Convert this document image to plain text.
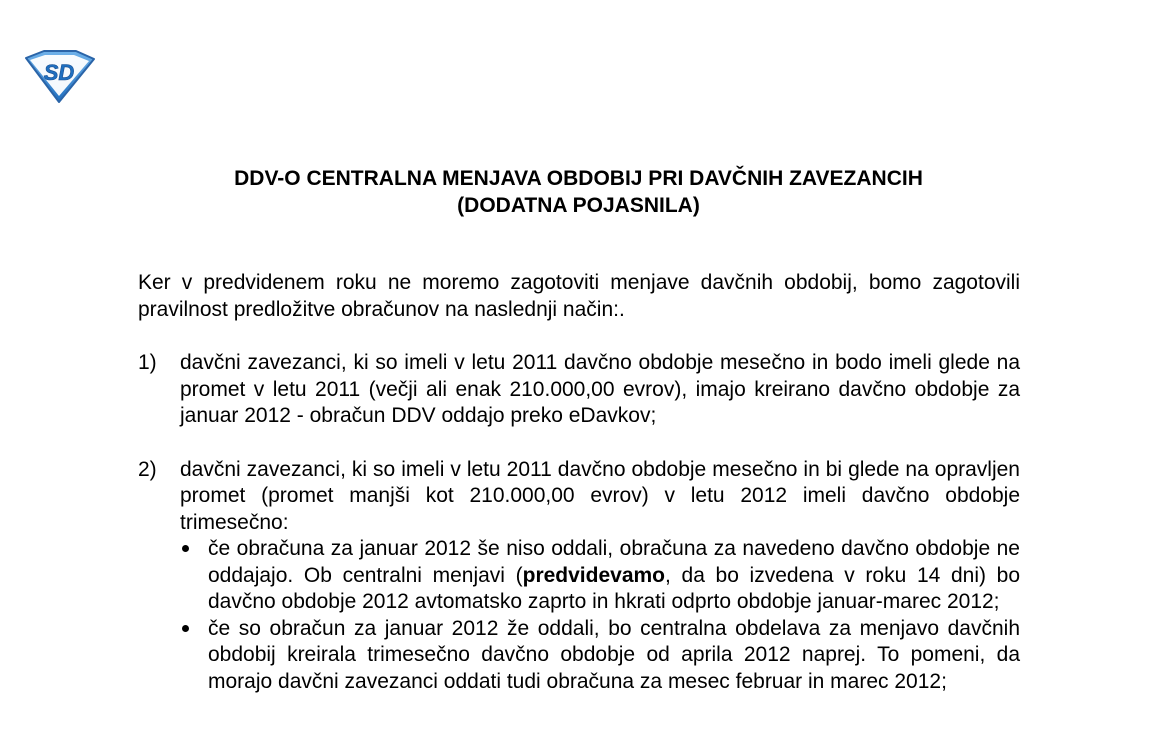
SD
DDV-O CENTRALNA MENJAVA OBDOBIJ PRI DAVČNIH ZAVEZANCIH
(DODATNA POJASNILA)

Ker v predvidenem roku ne moremo zagotoviti menjave davčnih obdobij, bomo zagotovili pravilnost predložitve obračunov na naslednji način:.

1) davčni zavezanci, ki so imeli v letu 2011 davčno obdobje mesečno in bodo imeli glede na promet v letu 2011 (večji ali enak 210.000,00 evrov), imajo kreirano davčno obdobje za januar 2012 - obračun DDV oddajo preko eDavkov;
2) davčni zavezanci, ki so imeli v letu 2011 davčno obdobje mesečno in bi glede na opravljen promet (promet manjši kot 210.000,00 evrov) v letu 2012 imeli davčno obdobje trimesečno:
če obračuna za januar 2012 še niso oddali, obračuna za navedeno davčno obdobje ne oddajajo. Ob centralni menjavi (predvidevamo, da bo izvedena v roku 14 dni) bo davčno obdobje 2012 avtomatsko zaprto in hkrati odprto obdobje januar-marec 2012;
če so obračun za januar 2012 že oddali, bo centralna obdelava za menjavo davčnih obdobij kreirala trimesečno davčno obdobje od aprila 2012 naprej. To pomeni, da morajo davčni zavezanci oddati tudi obračuna za mesec februar in marec 2012;
